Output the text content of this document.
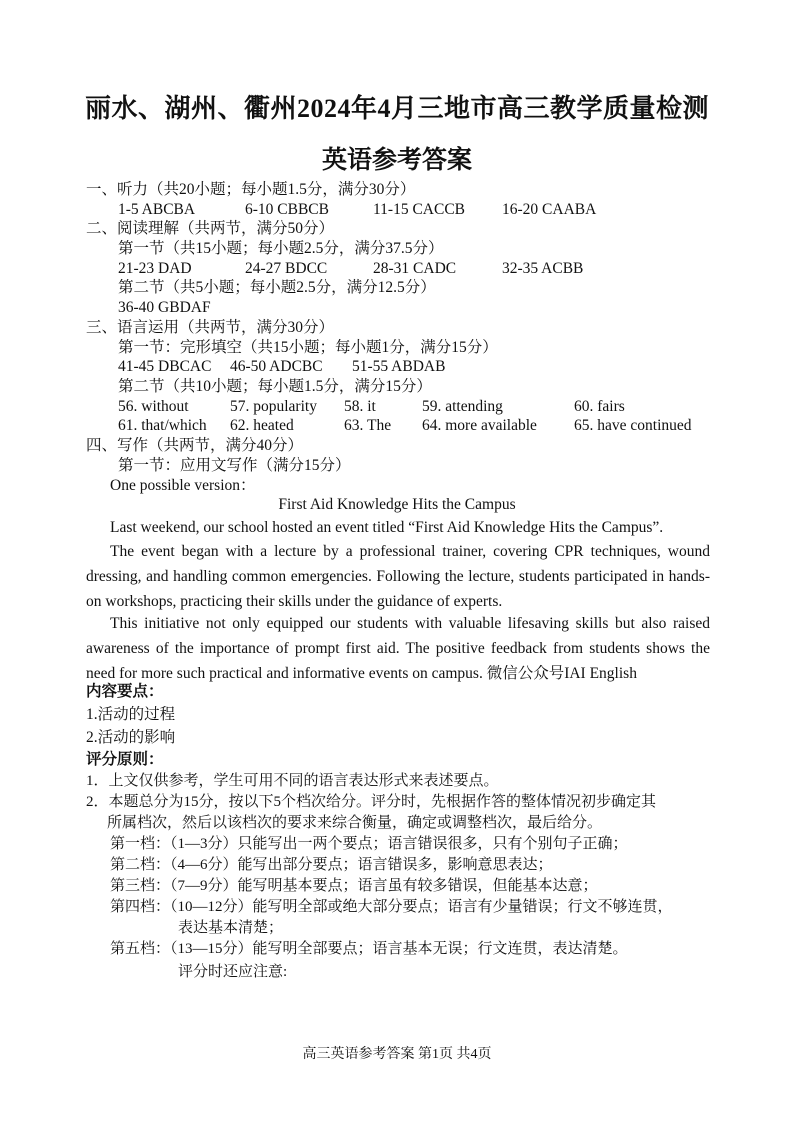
丽水、湖州、衢州2024年4月三地市高三教学质量检测
英语参考答案
一、听力（共20小题；每小题1.5分，满分30分）
1-5 ABCBA	6-10 CBBCB	11-15 CACCB 16-20 CAABA
二、阅读理解（共两节，满分50分）
第一节（共15小题；每小题2.5分，满分37.5分）
21-23 DAD	24-27 BDCC	28-31 CADC	32-35 ACBB
第二节（共5小题；每小题2.5分，满分12.5分）
36-40 GBDAF
三、语言运用（共两节，满分30分）
第一节：完形填空（共15小题；每小题1分，满分15分）
41-45 DBCAC 46-50 ADCBC 51-55 ABDAB
第二节（共10小题；每小题1.5分，满分15分）
56. without	57. popularity 58. it	59. attending	60. fairs
61. that/which 62. heated	63. The 64. more available 65. have continued
四、写作（共两节，满分40分）
第一节：应用文写作（满分15分）
One possible version：
First Aid Knowledge Hits the Campus
Last weekend, our school hosted an event titled “First Aid Knowledge Hits the Campus”.
The event began with a lecture by a professional trainer, covering CPR techniques, wound dressing, and handling common emergencies. Following the lecture, students participated in hands-on workshops, practicing their skills under the guidance of experts.
This initiative not only equipped our students with valuable lifesaving skills but also raised awareness of the importance of prompt first aid. The positive feedback from students shows the need for more such practical and informative events on campus. 微信公众号IAI English
内容要点：
1.活动的过程
2.活动的影响
评分原则：
1．上文仅供参考，学生可用不同的语言表达形式来表述要点。
2．本题总分为15分，按以下5个档次给分。评分时，先根据作答的整体情况初步确定其
所属档次，然后以该档次的要求来综合衡量，确定或调整档次，最后给分。
第一档：（1—3分）只能写出一两个要点；语言错误很多，只有个别句子正确；
第二档：（4—6分）能写出部分要点；语言错误多，影响意思表达；
第三档：（7—9分）能写明基本要点；语言虽有较多错误，但能基本达意；
第四档：（10—12分）能写明全部或绝大部分要点；语言有少量错误；行文不够连贯，
表达基本清楚；
第五档：（13—15分）能写明全部要点；语言基本无误；行文连贯，表达清楚。
评分时还应注意:
高三英语参考答案 第1页 共4页
